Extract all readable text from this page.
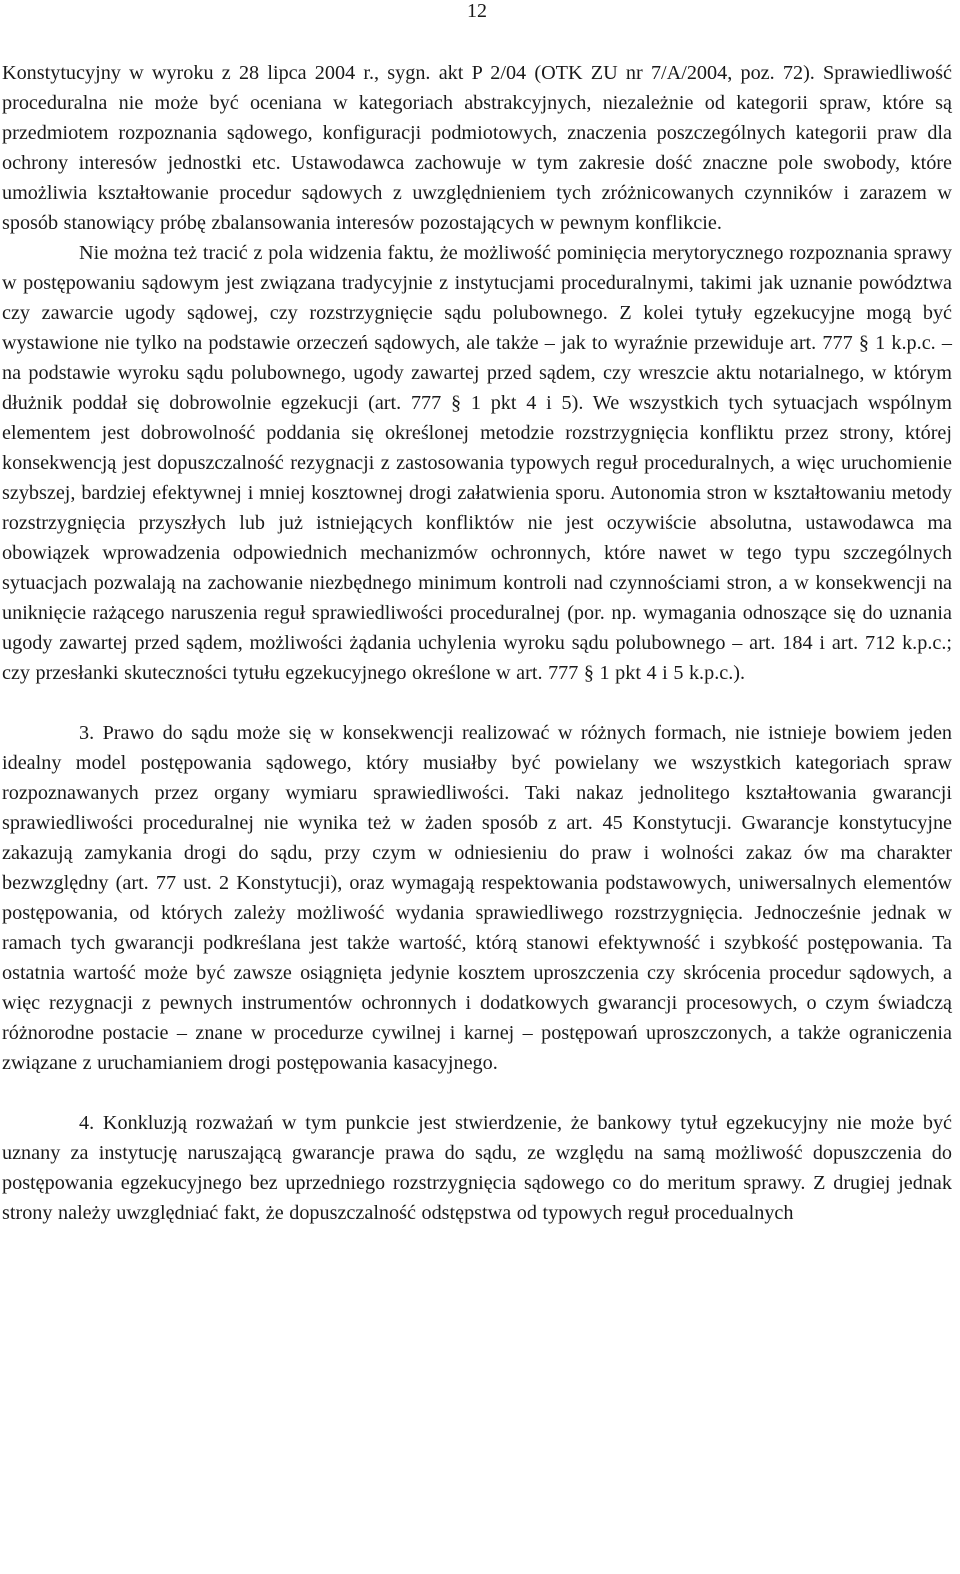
12

Konstytucyjny w wyroku z 28 lipca 2004 r., sygn. akt P 2/04 (OTK ZU nr 7/A/2004, poz. 72). Sprawiedliwość proceduralna nie może być oceniana w kategoriach abstrakcyjnych, niezależnie od kategorii spraw, które są przedmiotem rozpoznania sądowego, konfiguracji podmiotowych, znaczenia poszczególnych kategorii praw dla ochrony interesów jednostki etc. Ustawodawca zachowuje w tym zakresie dość znaczne pole swobody, które umożliwia kształtowanie procedur sądowych z uwzględnieniem tych zróżnicowanych czynników i zarazem w sposób stanowiący próbę zbalansowania interesów pozostających w pewnym konflikcie.

Nie można też tracić z pola widzenia faktu, że możliwość pominięcia merytorycznego rozpoznania sprawy w postępowaniu sądowym jest związana tradycyjnie z instytucjami proceduralnymi, takimi jak uznanie powództwa czy zawarcie ugody sądowej, czy rozstrzygnięcie sądu polubownego. Z kolei tytuły egzekucyjne mogą być wystawione nie tylko na podstawie orzeczeń sądowych, ale także – jak to wyraźnie przewiduje art. 777 § 1 k.p.c. – na podstawie wyroku sądu polubownego, ugody zawartej przed sądem, czy wreszcie aktu notarialnego, w którym dłużnik poddał się dobrowolnie egzekucji (art. 777 § 1 pkt 4 i 5). We wszystkich tych sytuacjach wspólnym elementem jest dobrowolność poddania się określonej metodzie rozstrzygnięcia konfliktu przez strony, której konsekwencją jest dopuszczalność rezygnacji z zastosowania typowych reguł proceduralnych, a więc uruchomienie szybszej, bardziej efektywnej i mniej kosztownej drogi załatwienia sporu. Autonomia stron w kształtowaniu metody rozstrzygnięcia przyszłych lub już istniejących konfliktów nie jest oczywiście absolutna, ustawodawca ma obowiązek wprowadzenia odpowiednich mechanizmów ochronnych, które nawet w tego typu szczególnych sytuacjach pozwalają na zachowanie niezbędnego minimum kontroli nad czynnościami stron, a w konsekwencji na uniknięcie rażącego naruszenia reguł sprawiedliwości proceduralnej (por. np. wymagania odnoszące się do uznania ugody zawartej przed sądem, możliwości żądania uchylenia wyroku sądu polubownego – art. 184 i art. 712 k.p.c.; czy przesłanki skuteczności tytułu egzekucyjnego określone w art. 777 § 1 pkt 4 i 5 k.p.c.).

3. Prawo do sądu może się w konsekwencji realizować w różnych formach, nie istnieje bowiem jeden idealny model postępowania sądowego, który musiałby być powielany we wszystkich kategoriach spraw rozpoznawanych przez organy wymiaru sprawiedliwości. Taki nakaz jednolitego kształtowania gwarancji sprawiedliwości proceduralnej nie wynika też w żaden sposób z art. 45 Konstytucji. Gwarancje konstytucyjne zakazują zamykania drogi do sądu, przy czym w odniesieniu do praw i wolności zakaz ów ma charakter bezwzględny (art. 77 ust. 2 Konstytucji), oraz wymagają respektowania podstawowych, uniwersalnych elementów postępowania, od których zależy możliwość wydania sprawiedliwego rozstrzygnięcia. Jednocześnie jednak w ramach tych gwarancji podkreślana jest także wartość, którą stanowi efektywność i szybkość postępowania. Ta ostatnia wartość może być zawsze osiągnięta jedynie kosztem uproszczenia czy skrócenia procedur sądowych, a więc rezygnacji z pewnych instrumentów ochronnych i dodatkowych gwarancji procesowych, o czym świadczą różnorodne postacie – znane w procedurze cywilnej i karnej – postępowań uproszczonych, a także ograniczenia związane z uruchamianiem drogi postępowania kasacyjnego.

4. Konkluzją rozważań w tym punkcie jest stwierdzenie, że bankowy tytuł egzekucyjny nie może być uznany za instytucję naruszającą gwarancje prawa do sądu, ze względu na samą możliwość dopuszczenia do postępowania egzekucyjnego bez uprzedniego rozstrzygnięcia sądowego co do meritum sprawy. Z drugiej jednak strony należy uwzględniać fakt, że dopuszczalność odstępstwa od typowych reguł procedualnych
